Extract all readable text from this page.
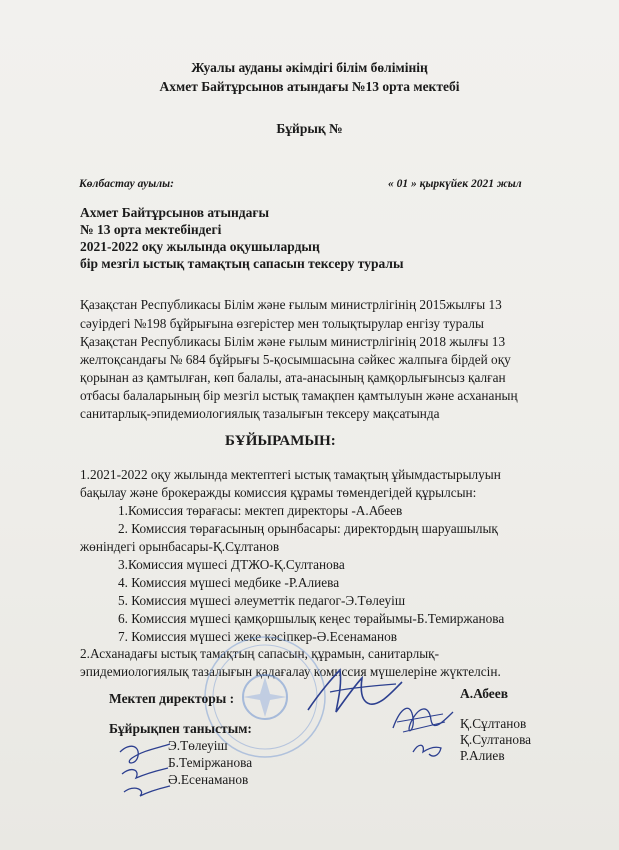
Жуалы ауданы әкімдігі білім бөлімінің
Ахмет Байтұрсынов атындағы №13 орта мектебі
Бұйрық №
Көлбастау ауылы:	« 01 » қыркүйек 2021 жыл
Ахмет Байтұрсынов атындағы
№ 13 орта мектебіндегі
2021-2022 оқу жылында оқушылардың
бір мезгіл ыстық тамақтың сапасын тексеру туралы
Қазақстан Республикасы Білім және ғылым министрлігінің 2015жылғы 13
сәуірдегі №198 бұйрығына өзгерістер мен толықтырулар енгізу туралы
Қазақстан Республикасы Білім және ғылым министрлігінің 2018 жылғы 13
желтоқсандағы № 684 бұйрығы 5-қосымшасына сәйкес жалпыға бірдей оқу
қорынан аз қамтылған, көп балалы, ата-анасының қамқорлығынсыз қалған
отбасы балаларының бір мезгіл ыстық тамақпен қамтылуын және асхананың
санитарлық-эпидемиологиялық тазалығын тексеру мақсатында
БҰЙЫРАМЫН:
1.2021-2022 оқу жылында мектептегі ыстық тамақтың ұйымдастырылуын
бақылау және брокеражды комиссия құрамы төмендегідей құрылсын:
1.Комиссия төрағасы: мектеп директоры -А.Абеев
2. Комиссия төрағасының орынбасары: директордың шаруашылық
жөніндегі орынбасары-Қ.Сұлтанов
3.Комиссия мүшесі ДТЖО-Қ.Султанова
4. Комиссия мүшесі медбике -Р.Алиева
5. Комиссия мүшесі әлеуметтік педагог-Э.Төлеуіш
6. Комиссия мүшесі қамқоршылық кеңес төрайымы-Б.Темиржанова
7. Комиссия мүшесі жеке кәсіпкер-Ә.Есенаманов
2.Асханадағы ыстық тамақтың сапасын, құрамын, санитарлық-
эпидемиологиялық тазалығын қадағалау комиссия мүшелеріне жүктелсін.
Мектеп директоры :	А.Абеев
Бұйрықпен таныстым:
Э.Төлеуіш
Б.Теміржанова
Ә.Есенаманов
Қ.Сұлтанов
Қ.Султанова
Р.Алиев
